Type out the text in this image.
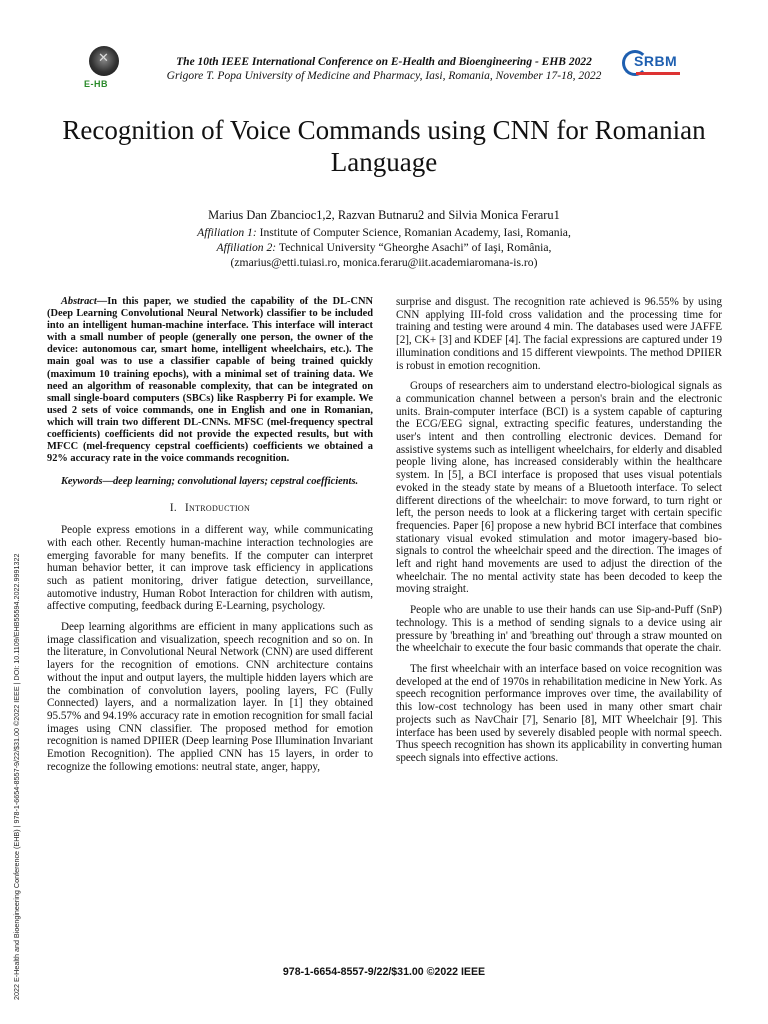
✕
E-HB
The 10th IEEE International Conference on E-Health and Bioengineering - EHB 2022
Grigore T. Popa University of Medicine and Pharmacy, Iasi, Romania, November 17-18, 2022
SRBM
Recognition of Voice Commands using CNN for Romanian Language
Marius Dan Zbancioc1,2, Razvan Butnaru2 and Silvia Monica Feraru1
Affiliation 1: Institute of Computer Science, Romanian Academy, Iasi, Romania,
Affiliation 2: Technical University “Gheorghe Asachi” of Iaşi, România,
(zmarius@etti.tuiasi.ro, monica.feraru@iit.academiaromana-is.ro)

Abstract—In this paper, we studied the capability of the DL-CNN (Deep Learning Convolutional Neural Network) classifier to be included into an intelligent human-machine interface. This interface will interact with a small number of people (generally one person, the owner of the device: autonomous car, smart home, intelligent wheelchairs, etc.). The main goal was to use a classifier capable of being trained quickly (maximum 10 training epochs), with a minimal set of training data. We need an algorithm of reasonable complexity, that can be integrated on small single-board computers (SBCs) like Raspberry Pi for example. We used 2 sets of voice commands, one in English and one in Romanian, which will train two different DL-CNNs. MFSC (mel-frequency spectral coefficients) coefficients did not provide the expected results, but with MFCC (mel-frequency cepstral coefficients) coefficients we obtained a 92% accuracy rate in the voice commands recognition.

Keywords—deep learning; convolutional layers; cepstral coefficients.

I. Introduction

People express emotions in a different way, while communicating with each other. Recently human-machine interaction technologies are emerging favorable for many benefits. If the computer can interpret human behavior better, it can improve task efficiency in applications such as patient monitoring, driver fatigue detection, surveillance, automotive industry, Human Robot Interaction for children with autism, affective computing, feedback during E-Learning, psychology.

Deep learning algorithms are efficient in many applications such as image classification and visualization, speech recognition and so on. In the literature, in Convolutional Neural Network (CNN) are used different layers for the recognition of emotions. CNN architecture contains without the input and output layers, the multiple hidden layers which are the combination of convolution layers, pooling layers, FC (Fully Connected) layers, and a normalization layer. In [1] they obtained 95.57% and 94.19% accuracy rate in emotion recognition for small facial images using CNN classifier. The proposed method for emotion recognition is named DPIIER (Deep learning Pose Illumination Invariant Emotion Recognition). The applied CNN has 15 layers, in order to recognize the following emotions: neutral state, anger, happy,

surprise and disgust. The recognition rate achieved is 96.55% by using CNN applying III-fold cross validation and the processing time for training and testing were around 4 min. The databases used were JAFFE [2], CK+ [3] and KDEF [4]. The facial expressions are captured under 19 illumination conditions and 15 different viewpoints. The method DPIIER is robust in emotion recognition.

Groups of researchers aim to understand electro-biological signals as a communication channel between a person's brain and the electronic units. Brain-computer interface (BCI) is a system capable of capturing the ECG/EEG signal, extracting specific features, understanding the user's intent and then controlling electronic devices. Demand for assistive systems such as intelligent wheelchairs, for elderly and disabled people living alone, has increased considerably within the healthcare system. In [5], a BCI interface is proposed that uses visual potentials evoked in the steady state by means of a Bluetooth interface. To select different directions of the wheelchair: to move forward, to turn right or left, the person needs to look at a flickering target with certain specific frequencies. Paper [6] propose a new hybrid BCI interface that combines stationary visual evoked stimulation and motor imagery-based bio-signals to control the wheelchair speed and the direction. The images of left and right hand movements are used to adjust the direction of the wheelchair. The no mental activity state has been decoded to keep the moving straight.

People who are unable to use their hands can use Sip-and-Puff (SnP) technology. This is a method of sending signals to a device using air pressure by 'breathing in' and 'breathing out' through a straw mounted on the wheelchair to execute the four basic commands that operate the chair.

The first wheelchair with an interface based on voice recognition was developed at the end of 1970s in rehabilitation medicine in New York. As speech recognition performance improves over time, the availability of this low-cost technology has been used in many other smart chair projects such as NavChair [7], Senario [8], MIT Wheelchair [9]. This interface has been used by severely disabled people with normal speech. Thus speech recognition has shown its applicability in converting human speech signals into effective actions.

2022 E-Health and Bioengineering Conference (EHB) | 978-1-6654-8557-9/22/$31.00 ©2022 IEEE | DOI: 10.1109/EHB55594.2022.9991322	978-1-6654-8557-9/22/$31.00 ©2022 IEEE
